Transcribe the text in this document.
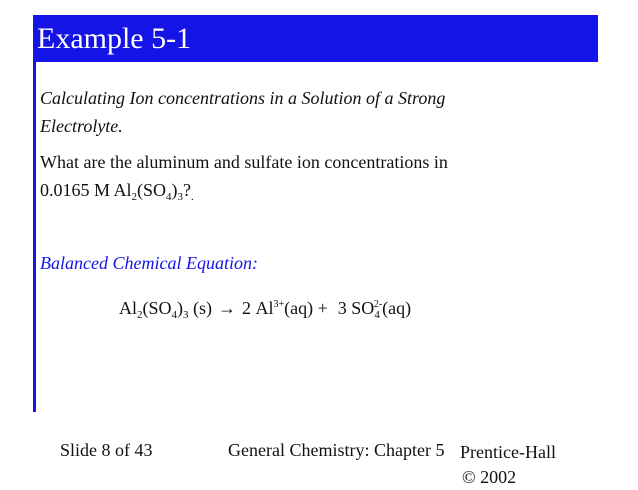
Example 5-1
Calculating Ion concentrations in a Solution of a Strong
Electrolyte.
What are the aluminum and sulfate ion concentrations in
0.0165 M $Al_2(SO_4)_3?_.$
Balanced Chemical Equation:
$Al_2(SO_4)_3$ (s) → 2 $Al^{3+}(aq) + 3$ $SO_4^{2-}(aq)$
Slide 8 of 43	General Chemistry: Chapter 5 Prentice-Hall
© 2002
